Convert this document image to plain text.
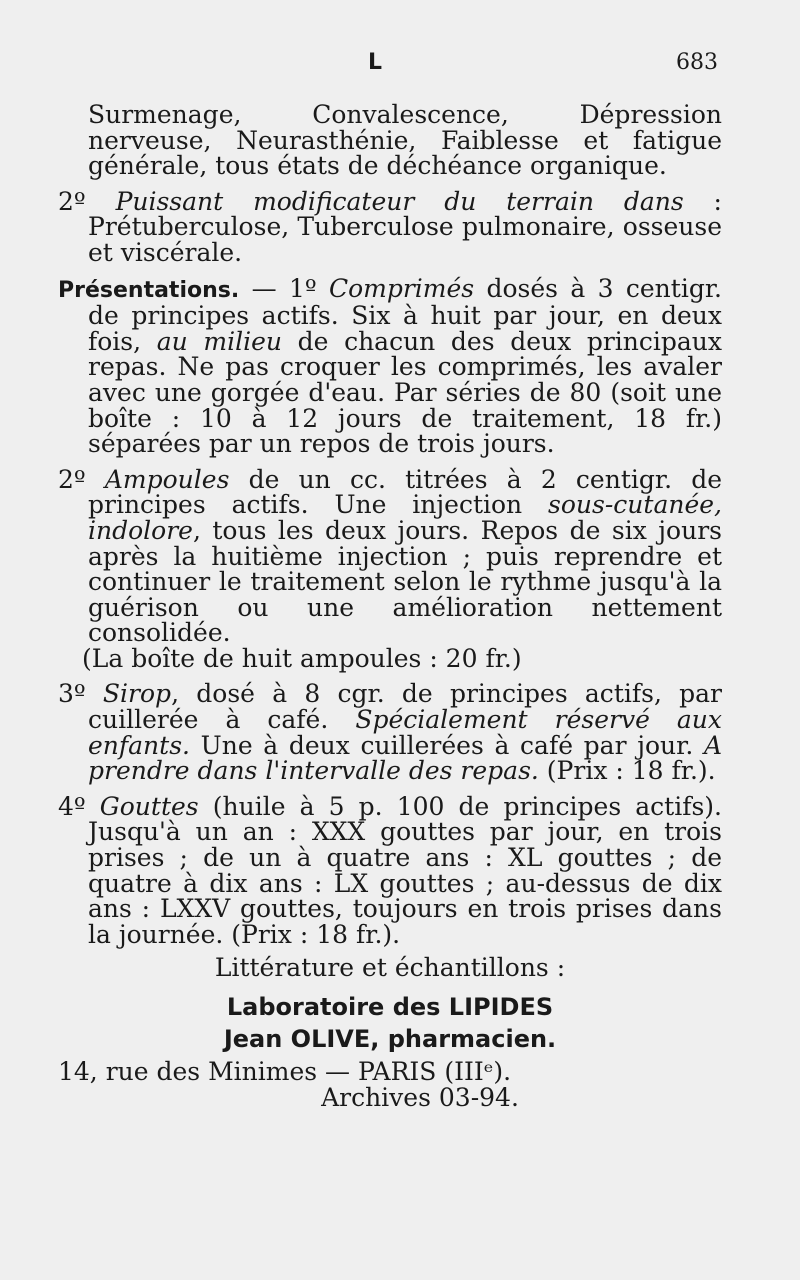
L	683

Surmenage, Convalescence, Dépression nerveuse, Neurasthénie, Faiblesse et fatigue générale, tous états de déchéance organique.

2º Puissant modificateur du terrain dans : Prétuberculose, Tuberculose pulmonaire, osseuse et viscérale.

Présentations. — 1º Comprimés dosés à 3 centigr. de principes actifs. Six à huit par jour, en deux fois, au milieu de chacun des deux principaux repas. Ne pas croquer les comprimés, les avaler avec une gorgée d'eau. Par séries de 80 (soit une boîte : 10 à 12 jours de traitement, 18 fr.) séparées par un repos de trois jours.

2º Ampoules de un cc. titrées à 2 centigr. de principes actifs. Une injection sous-cutanée, indolore, tous les deux jours. Repos de six jours après la huitième injection ; puis reprendre et continuer le traitement selon le rythme jusqu'à la guérison ou une amélioration nettement consolidée.

(La boîte de huit ampoules : 20 fr.)

3º Sirop, dosé à 8 cgr. de principes actifs, par cuillerée à café. Spécialement réservé aux enfants. Une à deux cuillerées à café par jour. A prendre dans l'intervalle des repas. (Prix : 18 fr.).

4º Gouttes (huile à 5 p. 100 de principes actifs). Jusqu'à un an : XXX gouttes par jour, en trois prises ; de un à quatre ans : XL gouttes ; de quatre à dix ans : LX gouttes ; au-dessus de dix ans : LXXV gouttes, toujours en trois prises dans la journée. (Prix : 18 fr.).

Littérature et échantillons :

Laboratoire des LIPIDES
Jean OLIVE, pharmacien.

14, rue des Minimes — PARIS (IIIᵉ).

Archives 03-94.
